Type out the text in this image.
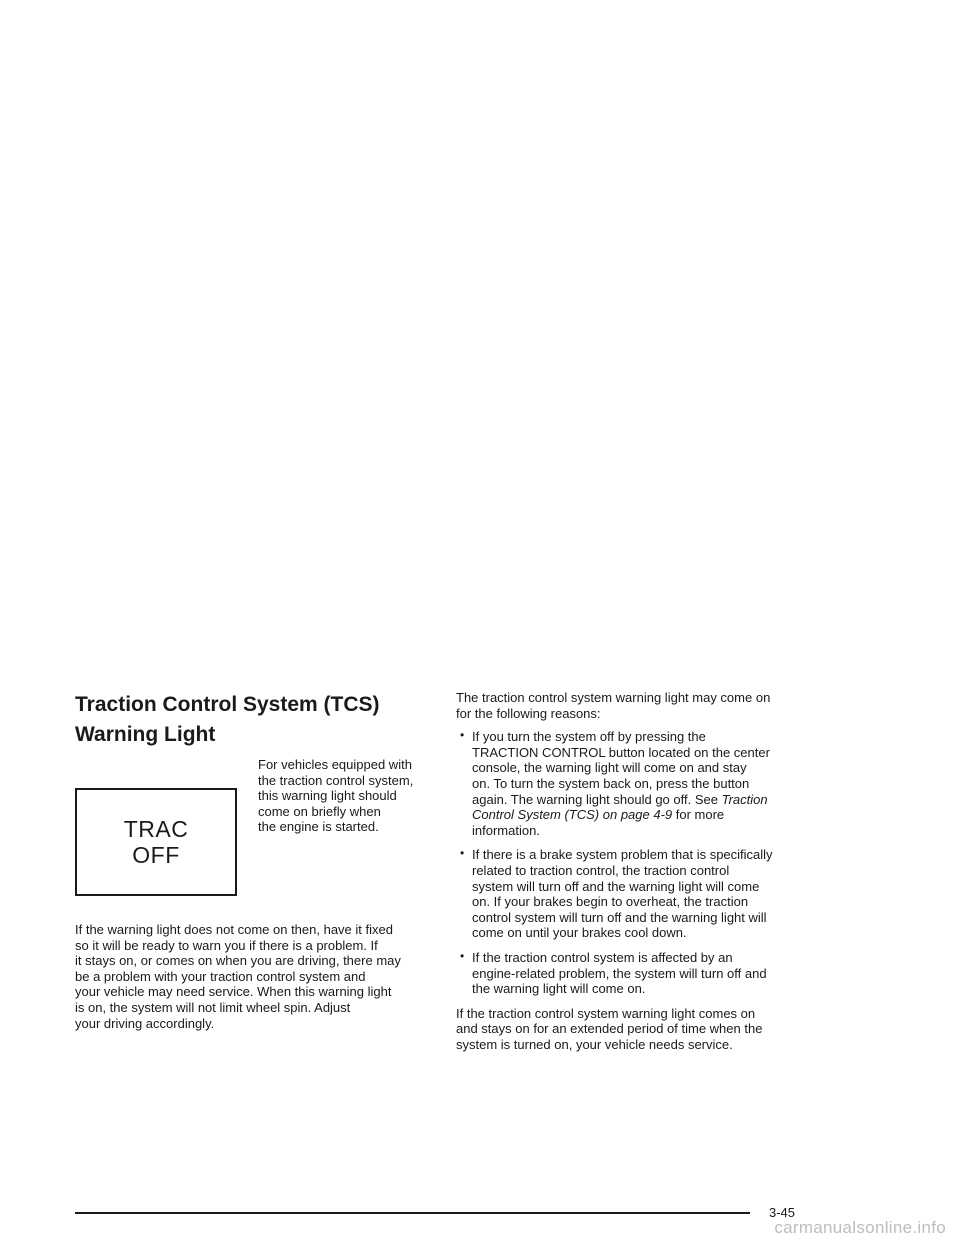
Traction Control System (TCS)
Warning Light
TRAC
OFF

For vehicles equipped with
the traction control system,
this warning light should
come on briefly when
the engine is started.

If the warning light does not come on then, have it fixed
so it will be ready to warn you if there is a problem. If
it stays on, or comes on when you are driving, there may
be a problem with your traction control system and
your vehicle may need service. When this warning light
is on, the system will not limit wheel spin. Adjust
your driving accordingly.

The traction control system warning light may come on
for the following reasons:

• If you turn the system off by pressing the
TRACTION CONTROL button located on the center
console, the warning light will come on and stay
on. To turn the system back on, press the button
again. The warning light should go off. See Traction
Control System (TCS) on page 4-9 for more
information.

• If there is a brake system problem that is specifically
related to traction control, the traction control
system will turn off and the warning light will come
on. If your brakes begin to overheat, the traction
control system will turn off and the warning light will
come on until your brakes cool down.

• If the traction control system is affected by an
engine-related problem, the system will turn off and
the warning light will come on.

If the traction control system warning light comes on
and stays on for an extended period of time when the
system is turned on, your vehicle needs service.

3-45
carmanualsonline.info
